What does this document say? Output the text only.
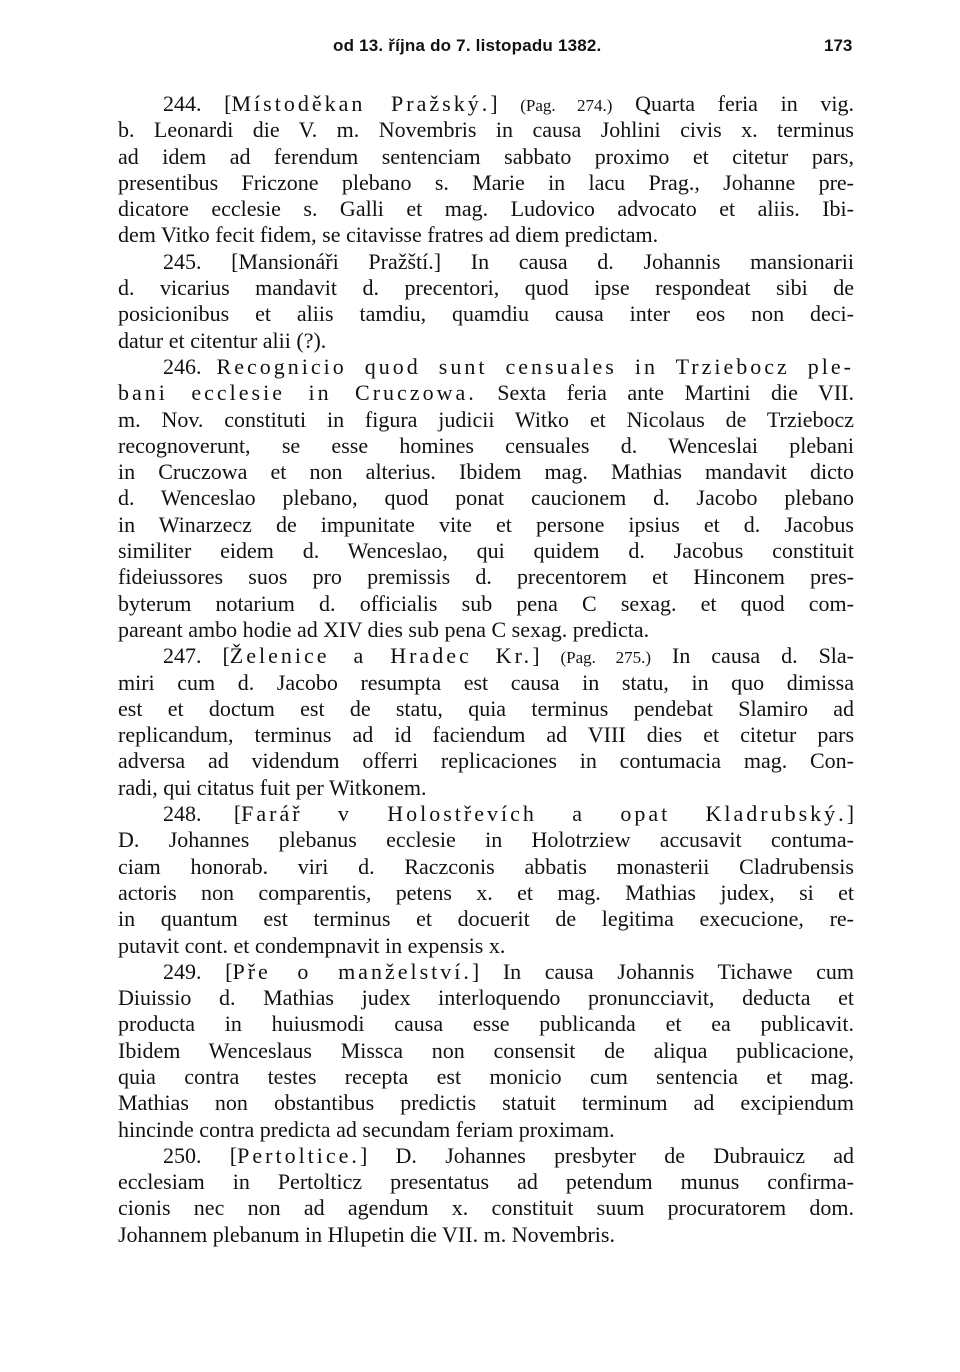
od 13. října do 7. listopadu 1382.	173
244. [Místoděkan Pražský.] (Pag. 274.) Quarta feria in vig.
b. Leonardi die V. m. Novembris in causa Johlini civis x. terminus
ad idem ad ferendum sentenciam sabbato proximo et citetur pars,
presentibus Friczone plebano s. Marie in lacu Prag., Johanne pre-
dicatore ecclesie s. Galli et mag. Ludovico advocato et aliis. Ibi-
dem Vitko fecit fidem, se citavisse fratres ad diem predictam.
245. [Mansionáři Pražští.] In causa d. Johannis mansionarii
d. vicarius mandavit d. precentori, quod ipse respondeat sibi de
posicionibus et aliis tamdiu, quamdiu causa inter eos non deci-
datur et citentur alii (?).
246. Recognicio quod sunt censuales in Trziebocz ple-
bani ecclesie in Cruczowa. Sexta feria ante Martini die VII.
m. Nov. constituti in figura judicii Witko et Nicolaus de Trziebocz
recognoverunt, se esse homines censuales d. Wenceslai plebani
in Cruczowa et non alterius. Ibidem mag. Mathias mandavit dicto
d. Wenceslao plebano, quod ponat caucionem d. Jacobo plebano
in Winarzecz de impunitate vite et persone ipsius et d. Jacobus
similiter eidem d. Wenceslao, qui quidem d. Jacobus constituit
fideiussores suos pro premissis d. precentorem et Hinconem pres-
byterum notarium d. officialis sub pena C sexag. et quod com-
pareant ambo hodie ad XIV dies sub pena C sexag. predicta.
247. [Želenice a Hradec Kr.] (Pag. 275.) In causa d. Sla-
miri cum d. Jacobo resumpta est causa in statu, in quo dimissa
est et doctum est de statu, quia terminus pendebat Slamiro ad
replicandum, terminus ad id faciendum ad VIII dies et citetur pars
adversa ad videndum offerri replicaciones in contumacia mag. Con-
radi, qui citatus fuit per Witkonem.
248. [Farář v Holostřevích a opat Kladrubský.]
D. Johannes plebanus ecclesie in Holotrziew accusavit contuma-
ciam honorab. viri d. Raczconis abbatis monasterii Cladrubensis
actoris non comparentis, petens x. et mag. Mathias judex, si et
in quantum est terminus et docuerit de legitima execucione, re-
putavit cont. et condempnavit in expensis x.
249. [Pře o manželství.] In causa Johannis Tichawe cum
Diuissio d. Mathias judex interloquendo pronuncciavit, deducta et
producta in huiusmodi causa esse publicanda et ea publicavit.
Ibidem Wenceslaus Missca non consensit de aliqua publicacione,
quia contra testes recepta est monicio cum sentencia et mag.
Mathias non obstantibus predictis statuit terminum ad excipiendum
hincinde contra predicta ad secundam feriam proximam.
250. [Pertoltice.] D. Johannes presbyter de Dubrauicz ad
ecclesiam in Pertolticz presentatus ad petendum munus confirma-
cionis nec non ad agendum x. constituit suum procuratorem dom.
Johannem plebanum in Hlupetin die VII. m. Novembris.
